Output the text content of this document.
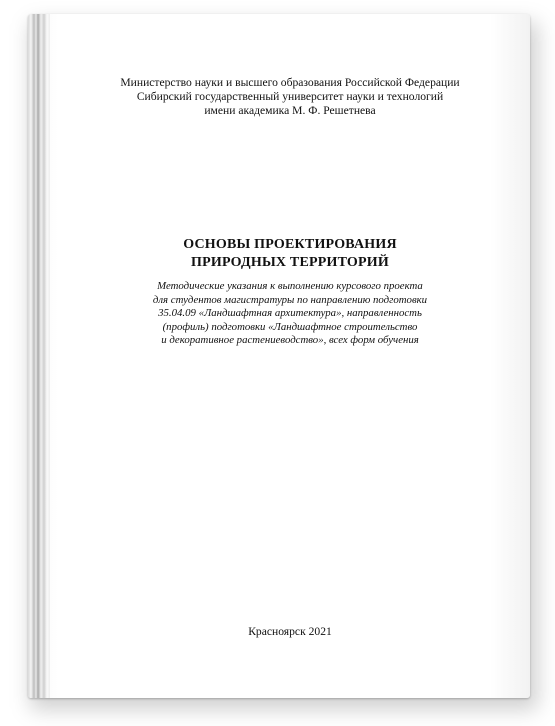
Министерство науки и высшего образования Российской Федерации
Сибирский государственный университет науки и технологий
имени академика М. Ф. Решетнева
ОСНОВЫ ПРОЕКТИРОВАНИЯ
ПРИРОДНЫХ ТЕРРИТОРИЙ
Методические указания к выполнению курсового проекта
для студентов магистратуры по направлению подготовки
35.04.09 «Ландшафтная архитектура», направленность
(профиль) подготовки «Ландшафтное строительство
и декоративное растениеводство», всех форм обучения
Красноярск 2021
